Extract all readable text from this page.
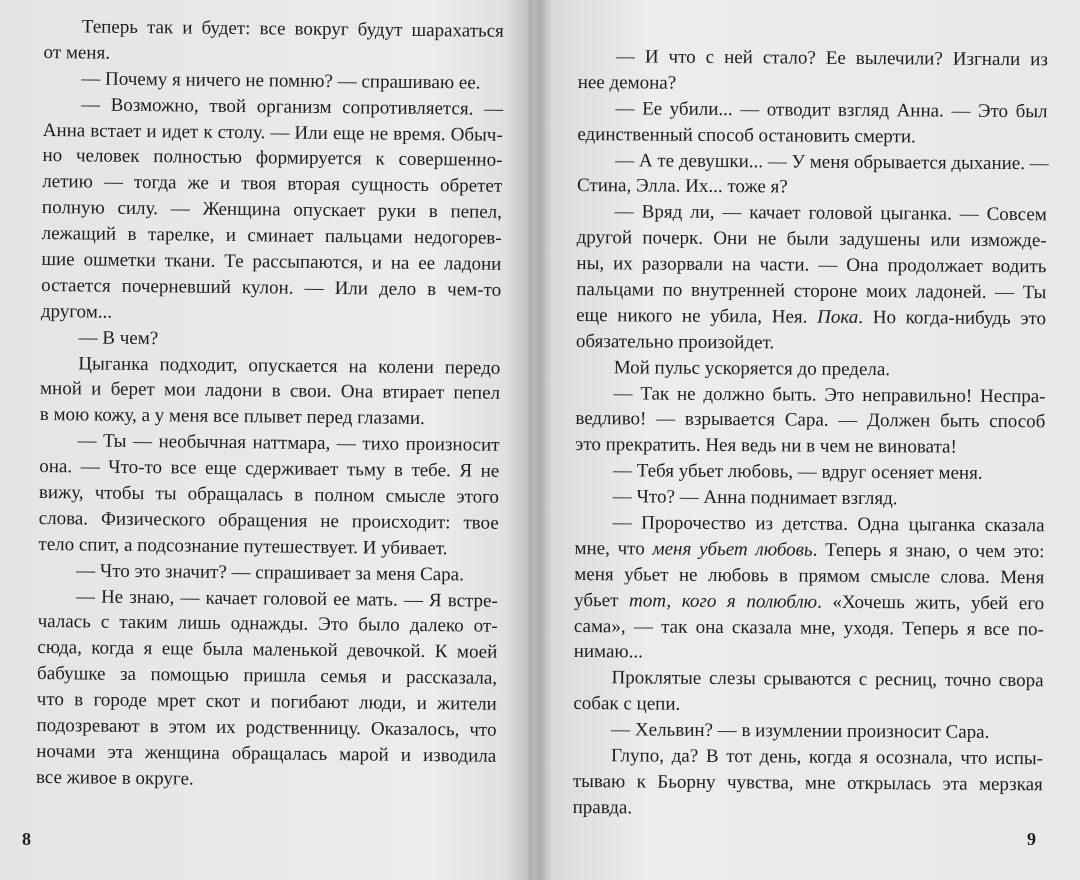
Теперь так и будет: все вокруг будут шарахаться
от меня.
— Почему я ничего не помню? — спрашиваю ее.
— Возможно, твой организм сопротивляется. —
Анна встает и идет к столу. — Или еще не время. Обыч-
но человек полностью формируется к совершенно-
летию — тогда же и твоя вторая сущность обретет
полную силу. — Женщина опускает руки в пепел,
лежащий в тарелке, и сминает пальцами недогорев-
шие ошметки ткани. Те рассыпаются, и на ее ладони
остается почерневший кулон. — Или дело в чем-то
другом...
— В чем?
Цыганка подходит, опускается на колени передо
мной и берет мои ладони в свои. Она втирает пепел
в мою кожу, а у меня все плывет перед глазами.
— Ты — необычная наттмара, — тихо произносит
она. — Что-то все еще сдерживает тьму в тебе. Я не
вижу, чтобы ты обращалась в полном смысле этого
слова. Физического обращения не происходит: твое
тело спит, а подсознание путешествует. И убивает.
— Что это значит? — спрашивает за меня Сара.
— Не знаю, — качает головой ее мать. — Я встре-
чалась с таким лишь однажды. Это было далеко от-
сюда, когда я еще была маленькой девочкой. К моей
бабушке за помощью пришла семья и рассказала,
что в городе мрет скот и погибают люди, и жители
подозревают в этом их родственницу. Оказалось, что
ночами эта женщина обращалась марой и изводила
все живое в округе.
8
— И что с ней стало? Ее вылечили? Изгнали из
нее демона?
— Ее убили... — отводит взгляд Анна. — Это был
единственный способ остановить смерти.
— А те девушки... — У меня обрывается дыхание. —
Стина, Элла. Их... тоже я?
— Вряд ли, — качает головой цыганка. — Совсем
другой почерк. Они не были задушены или изможде-
ны, их разорвали на части. — Она продолжает водить
пальцами по внутренней стороне моих ладоней. — Ты
еще никого не убила, Нея. Пока. Но когда-нибудь это
обязательно произойдет.
Мой пульс ускоряется до предела.
— Так не должно быть. Это неправильно! Неспра-
ведливо! — взрывается Сара. — Должен быть способ
это прекратить. Нея ведь ни в чем не виновата!
— Тебя убьет любовь, — вдруг осеняет меня.
— Что? — Анна поднимает взгляд.
— Пророчество из детства. Одна цыганка сказала
мне, что меня убьет любовь. Теперь я знаю, о чем это:
меня убьет не любовь в прямом смысле слова. Меня
убьет тот, кого я полюблю. «Хочешь жить, убей его
сама», — так она сказала мне, уходя. Теперь я все по-
нимаю...
Проклятые слезы срываются с ресниц, точно свора
собак с цепи.
— Хельвин? — в изумлении произносит Сара.
Глупо, да? В тот день, когда я осознала, что испы-
тываю к Бьорну чувства, мне открылась эта мерзкая
правда.
9
